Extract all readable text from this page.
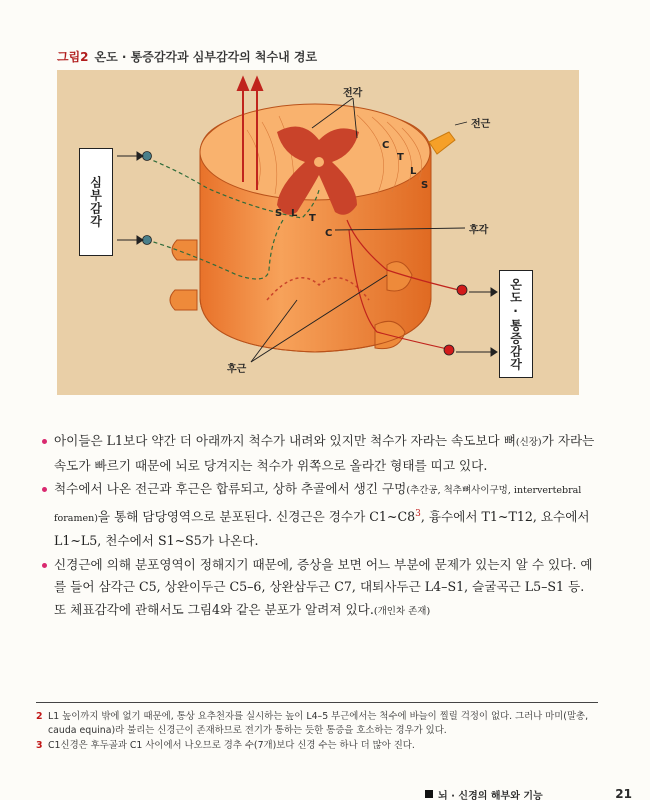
그림2 온도 · 통증감각과 심부감각의 척수내 경로
심부감각
온도·통증감각
전각
전근
후각
후근
S L T
C
C
T
L
S

아이들은 L1보다 약간 더 아래까지 척수가 내려와 있지만 척수가 자라는 속도보다 뼈(신장)가 자라는 속도가 빠르기 때문에 뇌로 당겨지는 척수가 위쪽으로 올라간 형태를 띠고 있다.

척수에서 나온 전근과 후근은 합류되고, 상하 추골에서 생긴 구멍(추간공, 척추뼈사이구멍, intervertebral foramen)을 통해 담당영역으로 분포된다. 신경근은 경수가 $C1\sim C8^3$, 흉수에서 T1~T12, 요수에서 L1~L5, 천수에서 S1~S5가 나온다.

신경근에 의해 분포영역이 정해지기 때문에, 증상을 보면 어느 부분에 문제가 있는지 알 수 있다. 예를 들어 삼각근 C5, 상완이두근 C5–6, 상완삼두근 C7, 대퇴사두근 L4–S1, 슬굴곡근 L5–S1 등. 또 체표감각에 관해서도 그림4와 같은 분포가 알려져 있다.(개인차 존재)

2 L1 높이까지 밖에 없기 때문에, 통상 요추천자를 실시하는 높이 L4–5 부근에서는 척수에 바늘이 찔릴 걱정이 없다. 그러나 마미(말총, cauda equina)라 불리는 신경근이 존재하므로 전기가 통하는 듯한 통증을 호소하는 경우가 있다.
3 C1신경은 후두골과 C1 사이에서 나오므로 경추 수(7개)보다 신경 수는 하나 더 많아 진다.
뇌 · 신경의 해부와 기능	21
